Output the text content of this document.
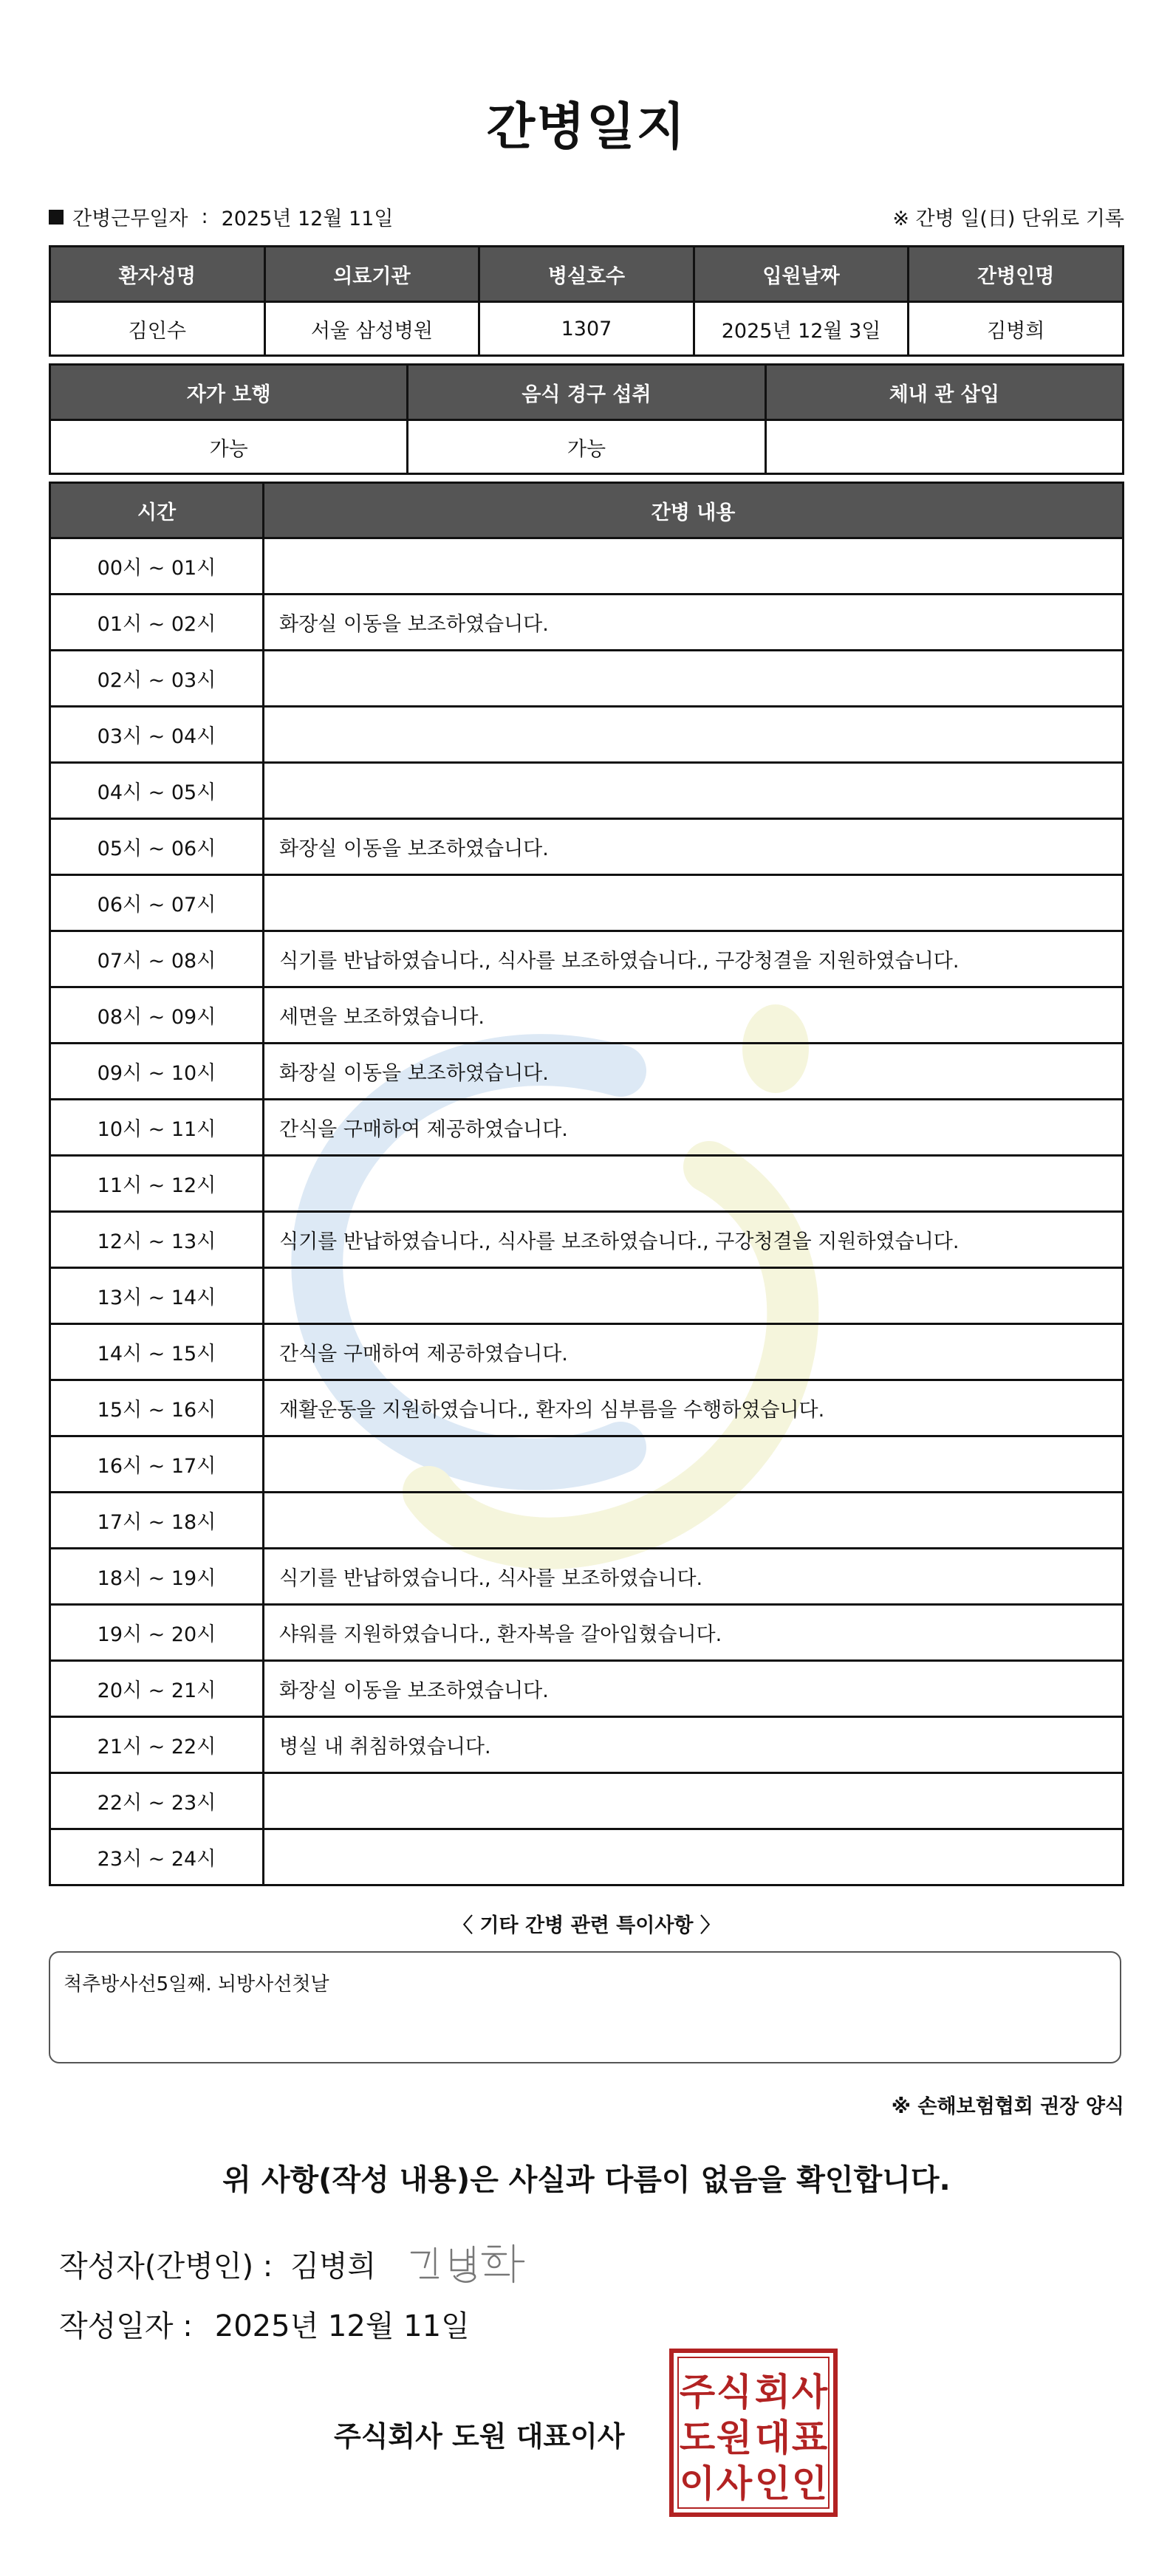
간병일지
간병근무일자 : 2025년 12월 11일	※ 간병 일(日) 단위로 기록
환자성명	의료기관	병실호수	입원날짜	간병인명
김인수	서울 삼성병원	1307	2025년 12월 3일	김병희
자가 보행	음식 경구 섭취	체내 관 삽입
가능	가능	
시간	간병 내용
00시 ~ 01시	
01시 ~ 02시	화장실 이동을 보조하였습니다.
02시 ~ 03시	
03시 ~ 04시	
04시 ~ 05시	
05시 ~ 06시	화장실 이동을 보조하였습니다.
06시 ~ 07시	
07시 ~ 08시	식기를 반납하였습니다., 식사를 보조하였습니다., 구강청결을 지원하였습니다.
08시 ~ 09시	세면을 보조하였습니다.
09시 ~ 10시	화장실 이동을 보조하였습니다.
10시 ~ 11시	간식을 구매하여 제공하였습니다.
11시 ~ 12시	
12시 ~ 13시	식기를 반납하였습니다., 식사를 보조하였습니다., 구강청결을 지원하였습니다.
13시 ~ 14시	
14시 ~ 15시	간식을 구매하여 제공하였습니다.
15시 ~ 16시	재활운동을 지원하였습니다., 환자의 심부름을 수행하였습니다.
16시 ~ 17시	
17시 ~ 18시	
18시 ~ 19시	식기를 반납하였습니다., 식사를 보조하였습니다.
19시 ~ 20시	샤워를 지원하였습니다., 환자복을 갈아입혔습니다.
20시 ~ 21시	화장실 이동을 보조하였습니다.
21시 ~ 22시	병실 내 취침하였습니다.
22시 ~ 23시	
23시 ~ 24시	
〈 기타 간병 관련 특이사항 〉
척추방사선5일째. 뇌방사선첫날
※ 손해보험협회 권장 양식
위 사항(작성 내용)은 사실과 다름이 없음을 확인합니다.
작성자(간병인) : 김병희
작성일자 : 2025년 12월 11일
주식회사 도원 대표이사
주 식 회 사
도 원 대 표
이 사 인 인
